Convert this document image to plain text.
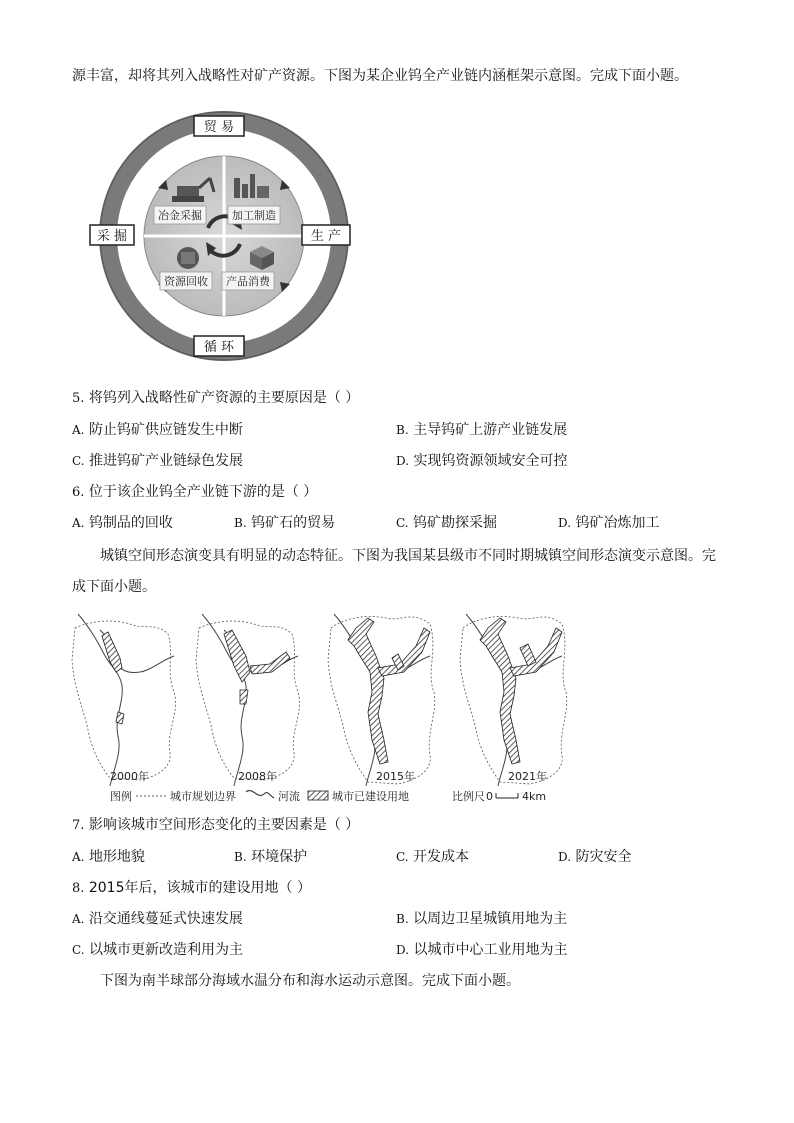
源丰富，却将其列入战略性对矿产资源。下图为某企业钨全产业链内涵框架示意图。完成下面小题。
冶金采掘	加工制造
资源回收 产品消费
贸 易
采 掘	生 产
循 环
5. 将钨列入战略性矿产资源的主要原因是（ ）
A. 防止钨矿供应链发生中断	B. 主导钨矿上游产业链发展
C. 推进钨矿产业链绿色发展	D. 实现钨资源领域安全可控
6. 位于该企业钨全产业链下游的是（ ）
A. 钨制品的回收	B. 钨矿石的贸易	C. 钨矿勘探采掘	D. 钨矿冶炼加工
城镇空间形态演变具有明显的动态特征。下图为我国某县级市不同时期城镇空间形态演变示意图。完
成下面小题。
2000年	2008年	2015年	2021年
图例	城市规划边界	河流	城市已建设用地	比例尺 0	4km
7. 影响该城市空间形态变化的主要因素是（ ）
A. 地形地貌	B. 环境保护	C. 开发成本	D. 防灾安全
8. 2015年后，该城市的建设用地（ ）
A. 沿交通线蔓延式快速发展	B. 以周边卫星城镇用地为主
C. 以城市更新改造利用为主	D. 以城市中心工业用地为主
下图为南半球部分海域水温分布和海水运动示意图。完成下面小题。
